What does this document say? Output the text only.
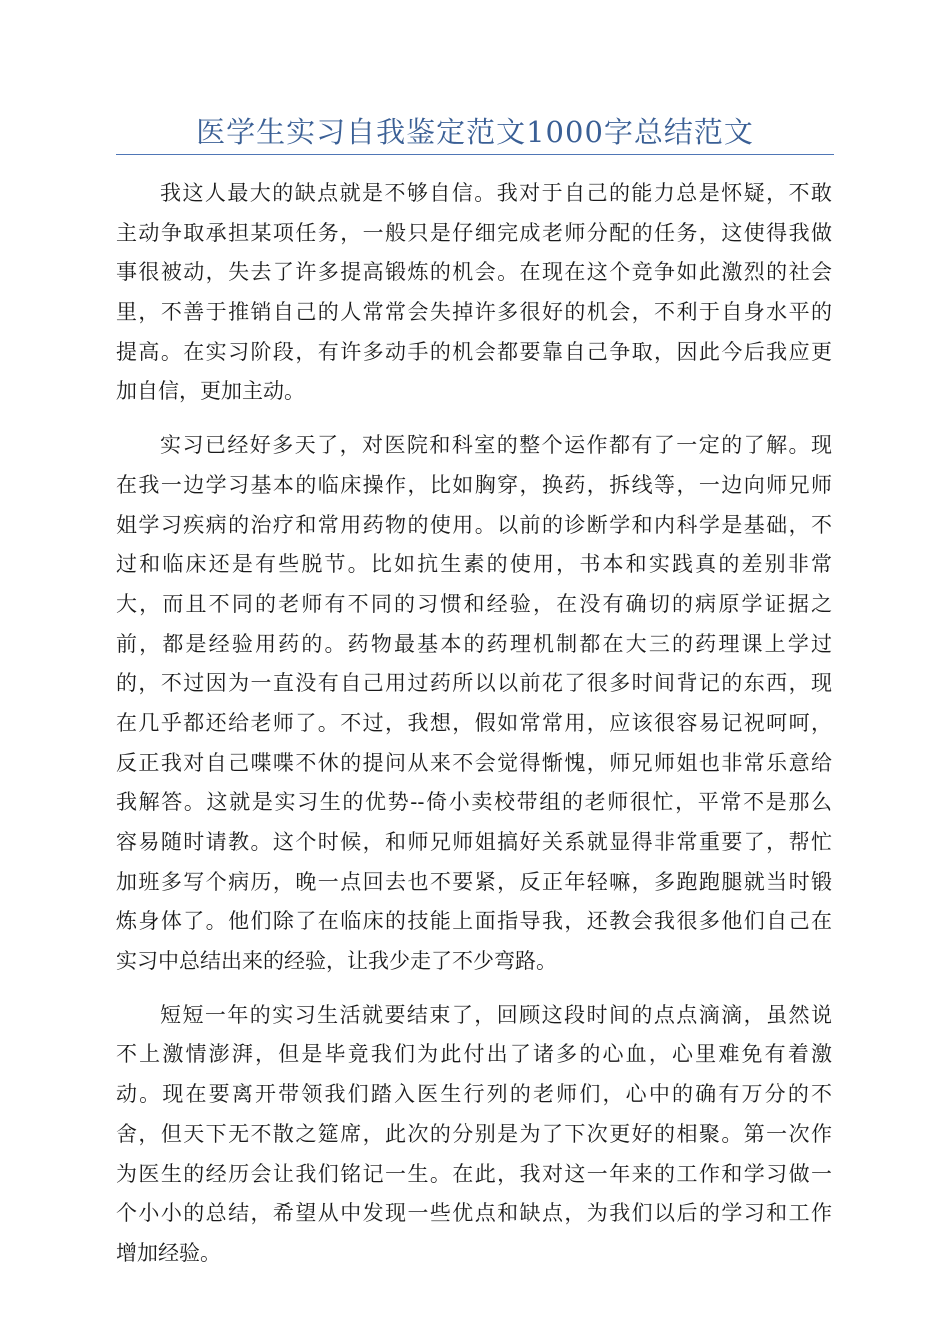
医学生实习自我鉴定范文1000字总结范文
我这人最大的缺点就是不够自信。我对于自己的能力总是怀疑，不敢
主动争取承担某项任务，一般只是仔细完成老师分配的任务，这使得我做
事很被动，失去了许多提高锻炼的机会。在现在这个竞争如此激烈的社会
里，不善于推销自己的人常常会失掉许多很好的机会，不利于自身水平的
提高。在实习阶段，有许多动手的机会都要靠自己争取，因此今后我应更
加自信，更加主动。
实习已经好多天了，对医院和科室的整个运作都有了一定的了解。现
在我一边学习基本的临床操作，比如胸穿，换药，拆线等，一边向师兄师
姐学习疾病的治疗和常用药物的使用。以前的诊断学和内科学是基础，不
过和临床还是有些脱节。比如抗生素的使用，书本和实践真的差别非常
大，而且不同的老师有不同的习惯和经验，在没有确切的病原学证据之
前，都是经验用药的。药物最基本的药理机制都在大三的药理课上学过
的，不过因为一直没有自己用过药所以以前花了很多时间背记的东西，现
在几乎都还给老师了。不过，我想，假如常常用，应该很容易记祝呵呵，
反正我对自己喋喋不休的提问从来不会觉得惭愧，师兄师姐也非常乐意给
我解答。这就是实习生的优势--倚小卖校带组的老师很忙，平常不是那么
容易随时请教。这个时候，和师兄师姐搞好关系就显得非常重要了，帮忙
加班多写个病历，晚一点回去也不要紧，反正年轻嘛，多跑跑腿就当时锻
炼身体了。他们除了在临床的技能上面指导我，还教会我很多他们自己在
实习中总结出来的经验，让我少走了不少弯路。
短短一年的实习生活就要结束了，回顾这段时间的点点滴滴，虽然说
不上激情澎湃，但是毕竟我们为此付出了诸多的心血，心里难免有着激
动。现在要离开带领我们踏入医生行列的老师们，心中的确有万分的不
舍，但天下无不散之筵席，此次的分别是为了下次更好的相聚。第一次作
为医生的经历会让我们铭记一生。在此，我对这一年来的工作和学习做一
个小小的总结，希望从中发现一些优点和缺点，为我们以后的学习和工作
增加经验。
